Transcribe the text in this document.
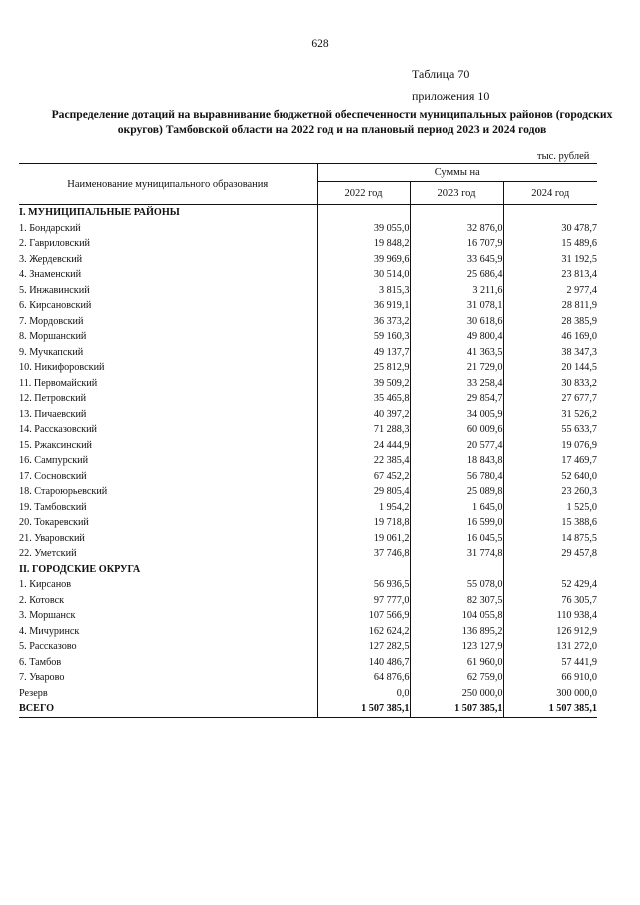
628
Таблица 70
приложения 10
Распределение дотаций на выравнивание бюджетной обеспеченности муниципальных районов (городских округов) Тамбовской области на 2022 год и на плановый период 2023 и 2024 годов
тыс. рублей
Наименование муниципального образования	Суммы на		
	2022 год	2023 год	2024 год
I. МУНИЦИПАЛЬНЫЕ РАЙОНЫ			
1. Бондарский	39 055,0	32 876,0	30 478,7
2. Гавриловский	19 848,2	16 707,9	15 489,6
3. Жердевский	39 969,6	33 645,9	31 192,5
4. Знаменский	30 514,0	25 686,4	23 813,4
5. Инжавинский	3 815,3	3 211,6	2 977,4
6. Кирсановский	36 919,1	31 078,1	28 811,9
7. Мордовский	36 373,2	30 618,6	28 385,9
8. Моршанский	59 160,3	49 800,4	46 169,0
9. Мучкапский	49 137,7	41 363,5	38 347,3
10. Никифоровский	25 812,9	21 729,0	20 144,5
11. Первомайский	39 509,2	33 258,4	30 833,2
12. Петровский	35 465,8	29 854,7	27 677,7
13. Пичаевский	40 397,2	34 005,9	31 526,2
14. Рассказовский	71 288,3	60 009,6	55 633,7
15. Ржаксинский	24 444,9	20 577,4	19 076,9
16. Сампурский	22 385,4	18 843,8	17 469,7
17. Сосновский	67 452,2	56 780,4	52 640,0
18. Староюрьевский	29 805,4	25 089,8	23 260,3
19. Тамбовский	1 954,2	1 645,0	1 525,0
20. Токаревский	19 718,8	16 599,0	15 388,6
21. Уваровский	19 061,2	16 045,5	14 875,5
22. Уметский	37 746,8	31 774,8	29 457,8
II. ГОРОДСКИЕ ОКРУГА			
1. Кирсанов	56 936,5	55 078,0	52 429,4
2. Котовск	97 777,0	82 307,5	76 305,7
3. Моршанск	107 566,9	104 055,8	110 938,4
4. Мичуринск	162 624,2	136 895,2	126 912,9
5. Рассказово	127 282,5	123 127,9	131 272,0
6. Тамбов	140 486,7	61 960,0	57 441,9
7. Уварово	64 876,6	62 759,0	66 910,0
Резерв	0,0	250 000,0	300 000,0
ВСЕГО	1 507 385,1	1 507 385,1	1 507 385,1
